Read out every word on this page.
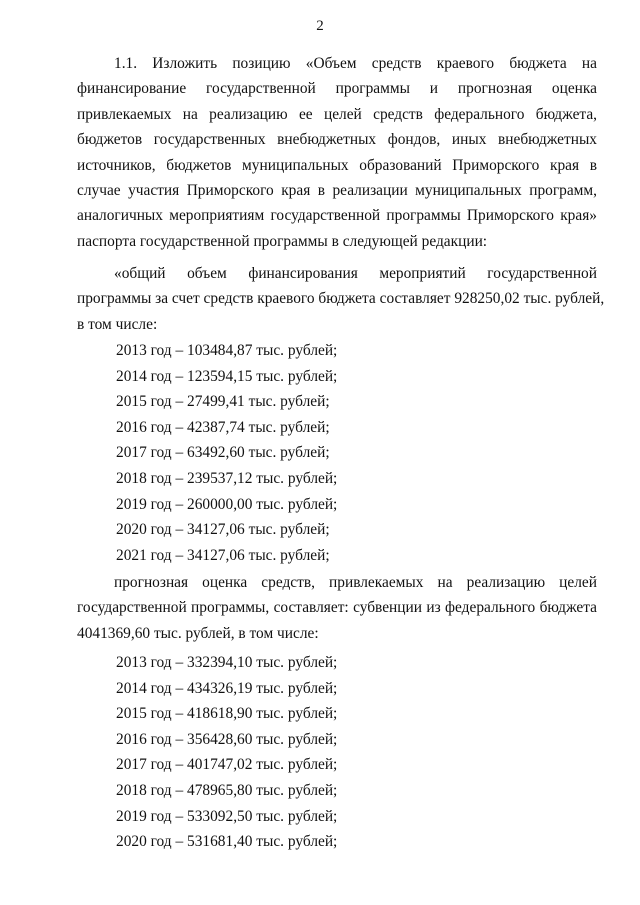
2
1.1. Изложить позицию «Объем средств краевого бюджета на
финансирование государственной программы и прогнозная оценка
привлекаемых на реализацию ее целей средств федерального бюджета,
бюджетов государственных внебюджетных фондов, иных внебюджетных
источников, бюджетов муниципальных образований Приморского края в
случае участия Приморского края в реализации муниципальных программ,
аналогичных мероприятиям государственной программы Приморского края»
паспорта государственной программы в следующей редакции:
«общий объем финансирования мероприятий государственной
программы за счет средств краевого бюджета составляет 928250,02 тыс. рублей,
в том числе:
2013 год – 103484,87 тыс. рублей;
2014 год – 123594,15 тыс. рублей;
2015 год – 27499,41 тыс. рублей;
2016 год – 42387,74 тыс. рублей;
2017 год – 63492,60 тыс. рублей;
2018 год – 239537,12 тыс. рублей;
2019 год – 260000,00 тыс. рублей;
2020 год – 34127,06 тыс. рублей;
2021 год – 34127,06 тыс. рублей;
прогнозная оценка средств, привлекаемых на реализацию целей
государственной программы, составляет: субвенции из федерального бюджета
4041369,60 тыс. рублей, в том числе:
2013 год – 332394,10 тыс. рублей;
2014 год – 434326,19 тыс. рублей;
2015 год – 418618,90 тыс. рублей;
2016 год – 356428,60 тыс. рублей;
2017 год – 401747,02 тыс. рублей;
2018 год – 478965,80 тыс. рублей;
2019 год – 533092,50 тыс. рублей;
2020 год – 531681,40 тыс. рублей;
